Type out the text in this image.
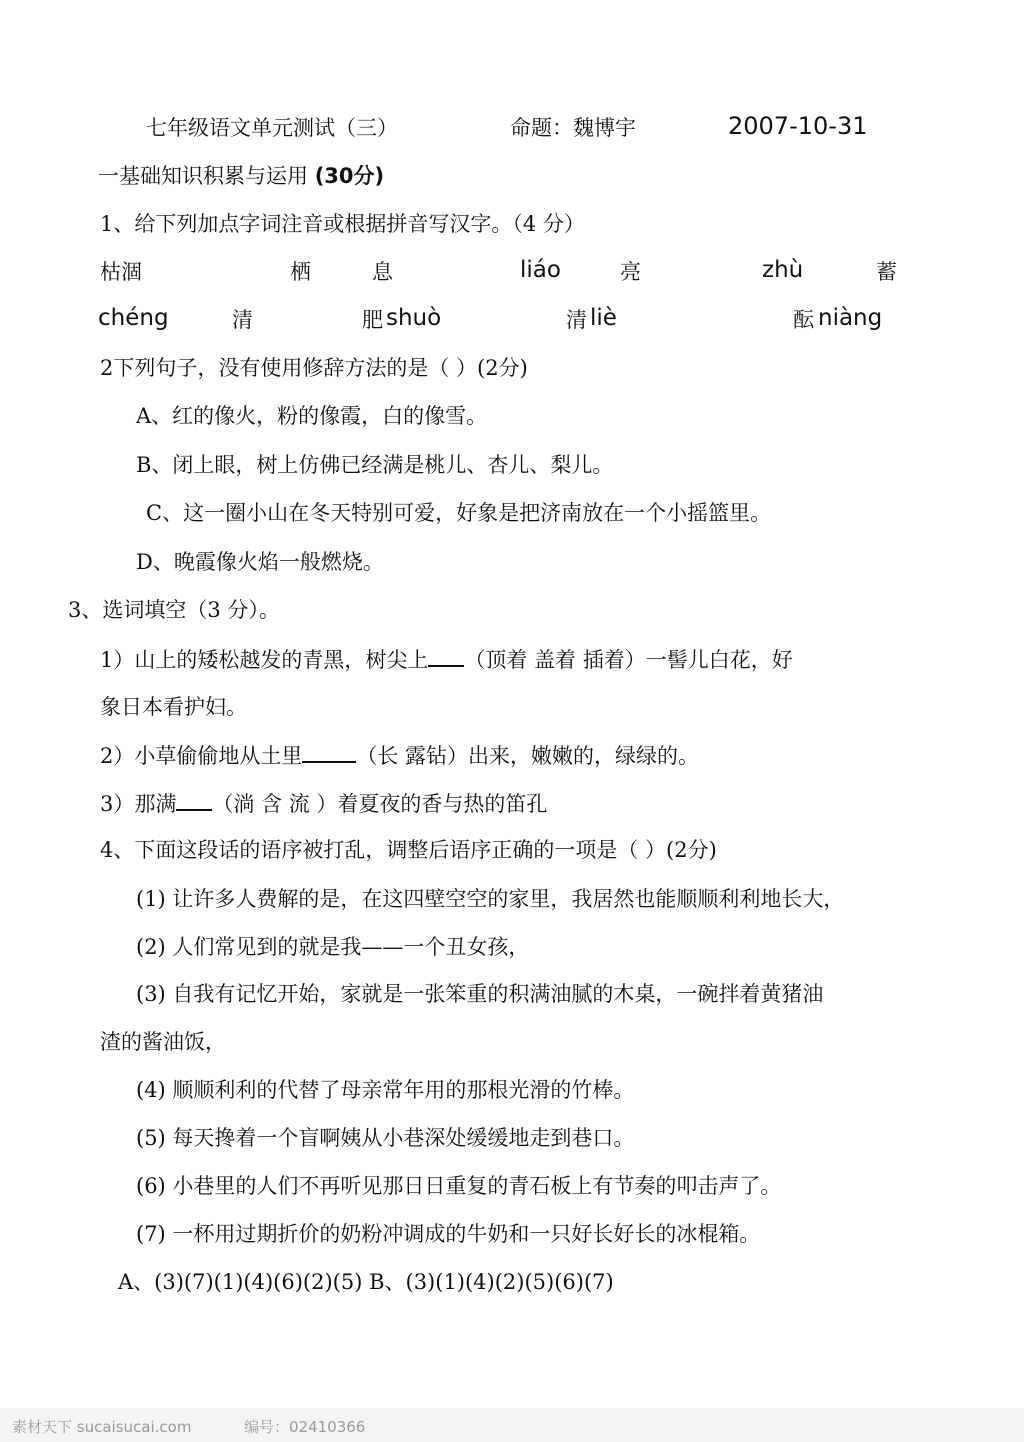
七年级语文单元测试（三）	命题：魏博宇	2007-10-31
一基础知识积累与运用 (30分)
1、给下列加点字词注音或根据拼音写汉字。（4 分）
枯涸	栖	息	liáo	亮	zhù	蓄
chéng	清	肥 shuò	清 liè	酝 niàng
2下列句子，没有使用修辞方法的是（ ）(2分)
A、红的像火，粉的像霞，白的像雪。
B、闭上眼，树上仿佛已经满是桃儿、杏儿、梨儿。
C、这一圈小山在冬天特别可爱，好象是把济南放在一个小摇篮里。
D、晚霞像火焰一般燃烧。
3、选词填空（3 分）。
1）山上的矮松越发的青黑，树尖上 （顶着 盖着 插着）一髻儿白花，好
象日本看护妇。
2）小草偷偷地从土里	（长 露钻）出来，嫩嫩的，绿绿的。
3）那满 （淌 含 流 ）着夏夜的香与热的笛孔
4、下面这段话的语序被打乱，调整后语序正确的一项是（ ）(2分)
(1) 让许多人费解的是，在这四壁空空的家里，我居然也能顺顺利利地长大，
(2) 人们常见到的就是我——一个丑女孩，
(3) 自我有记忆开始，家就是一张笨重的积满油腻的木桌，一碗拌着黄猪油
渣的酱油饭，
(4) 顺顺利利的代替了母亲常年用的那根光滑的竹棒。
(5) 每天搀着一个盲啊姨从小巷深处缓缓地走到巷口。
(6) 小巷里的人们不再听见那日日重复的青石板上有节奏的叩击声了。
(7) 一杯用过期折价的奶粉冲调成的牛奶和一只好长好长的冰棍箱。
A、(3)(7)(1)(4)(6)(2)(5) B、(3)(1)(4)(2)(5)(6)(7)
素材天下 sucaisucai.com	编号：02410366
